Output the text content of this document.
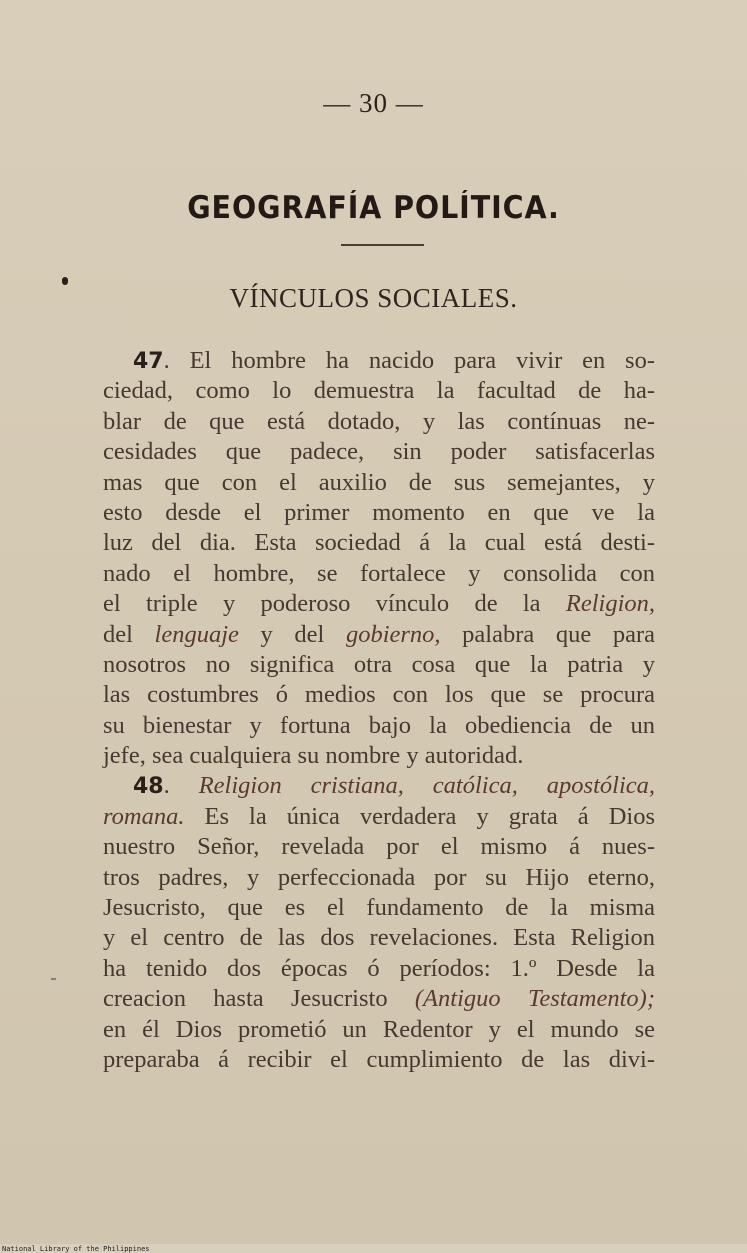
— 30 —
GEOGRAFÍA POLÍTICA.
VÍNCULOS SOCIALES.
47. El hombre ha nacido para vivir en so-
ciedad, como lo demuestra la facultad de ha-
blar de que está dotado, y las contínuas ne-
cesidades que padece, sin poder satisfacerlas
mas que con el auxilio de sus semejantes, y
esto desde el primer momento en que ve la
luz del dia. Esta sociedad á la cual está desti-
nado el hombre, se fortalece y consolida con
el triple y poderoso vínculo de la Religion,
del lenguaje y del gobierno, palabra que para
nosotros no significa otra cosa que la patria y
las costumbres ó medios con los que se procura
su bienestar y fortuna bajo la obediencia de un
jefe, sea cualquiera su nombre y autoridad.
48. Religion cristiana, católica, apostólica,
romana. Es la única verdadera y grata á Dios
nuestro Señor, revelada por el mismo á nues-
tros padres, y perfeccionada por su Hijo eterno,
Jesucristo, que es el fundamento de la misma
y el centro de las dos revelaciones. Esta Religion
ha tenido dos épocas ó períodos: 1.º Desde la
creacion hasta Jesucristo (Antiguo Testamento);
en él Dios prometió un Redentor y el mundo se
preparaba á recibir el cumplimiento de las divi-
National Library of the Philippines
